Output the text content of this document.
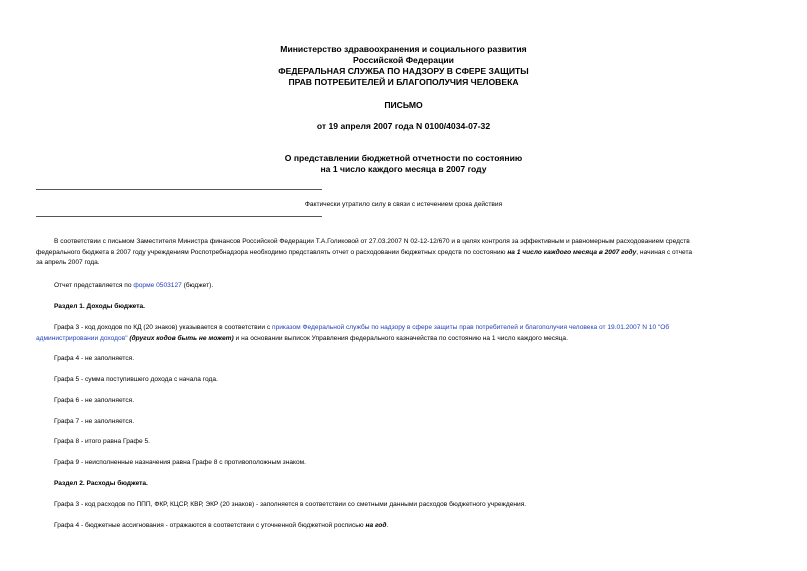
Министерство здравоохранения и социального развития
Российской Федерации
ФЕДЕРАЛЬНАЯ СЛУЖБА ПО НАДЗОРУ В СФЕРЕ ЗАЩИТЫ
ПРАВ ПОТРЕБИТЕЛЕЙ И БЛАГОПОЛУЧИЯ ЧЕЛОВЕКА
ПИСЬМО
от 19 апреля 2007 года N 0100/4034-07-32
О представлении бюджетной отчетности по состоянию
на 1 число каждого месяца в 2007 году
Фактически утратило силу в связи с истечением срока действия
В соответствии с письмом Заместителя Министра финансов Российской Федерации Т.А.Голиковой от 27.03.2007 N 02-12-12/670 и в целях контроля за эффективным и равномерным расходованием средств
федерального бюджета в 2007 году учреждениям Роспотребнадзора необходимо представлять отчет о расходовании бюджетных средств по состоянию на 1 число каждого месяца в 2007 году, начиная с отчета
за апрель 2007 года.
Отчет представляется по форме 0503127 (бюджет).
Раздел 1. Доходы бюджета.
Графа 3 - код доходов по КД (20 знаков) указывается в соответствии с приказом Федеральной службы по надзору в сфере защиты прав потребителей и благополучия человека от 19.01.2007 N 10 "Об
администрировании доходов" (других кодов быть не может) и на основании выписок Управления федерального казначейства по состоянию на 1 число каждого месяца.
Графа 4 - не заполняется.
Графа 5 - сумма поступившего дохода с начала года.
Графа 6 - не заполняется.
Графа 7 - не заполняется.
Графа 8 - итого равна Графе 5.
Графа 9 - неисполненные назначения равна Графе 8 с противоположным знаком.
Раздел 2. Расходы бюджета.
Графа 3 - код расходов по ППП, ФКР, КЦСР, КВР, ЭКР (20 знаков) - заполняется в соответствии со сметными данными расходов бюджетного учреждения.
Графа 4 - бюджетные ассигнования - отражаются в соответствии с уточненной бюджетной росписью на год.
